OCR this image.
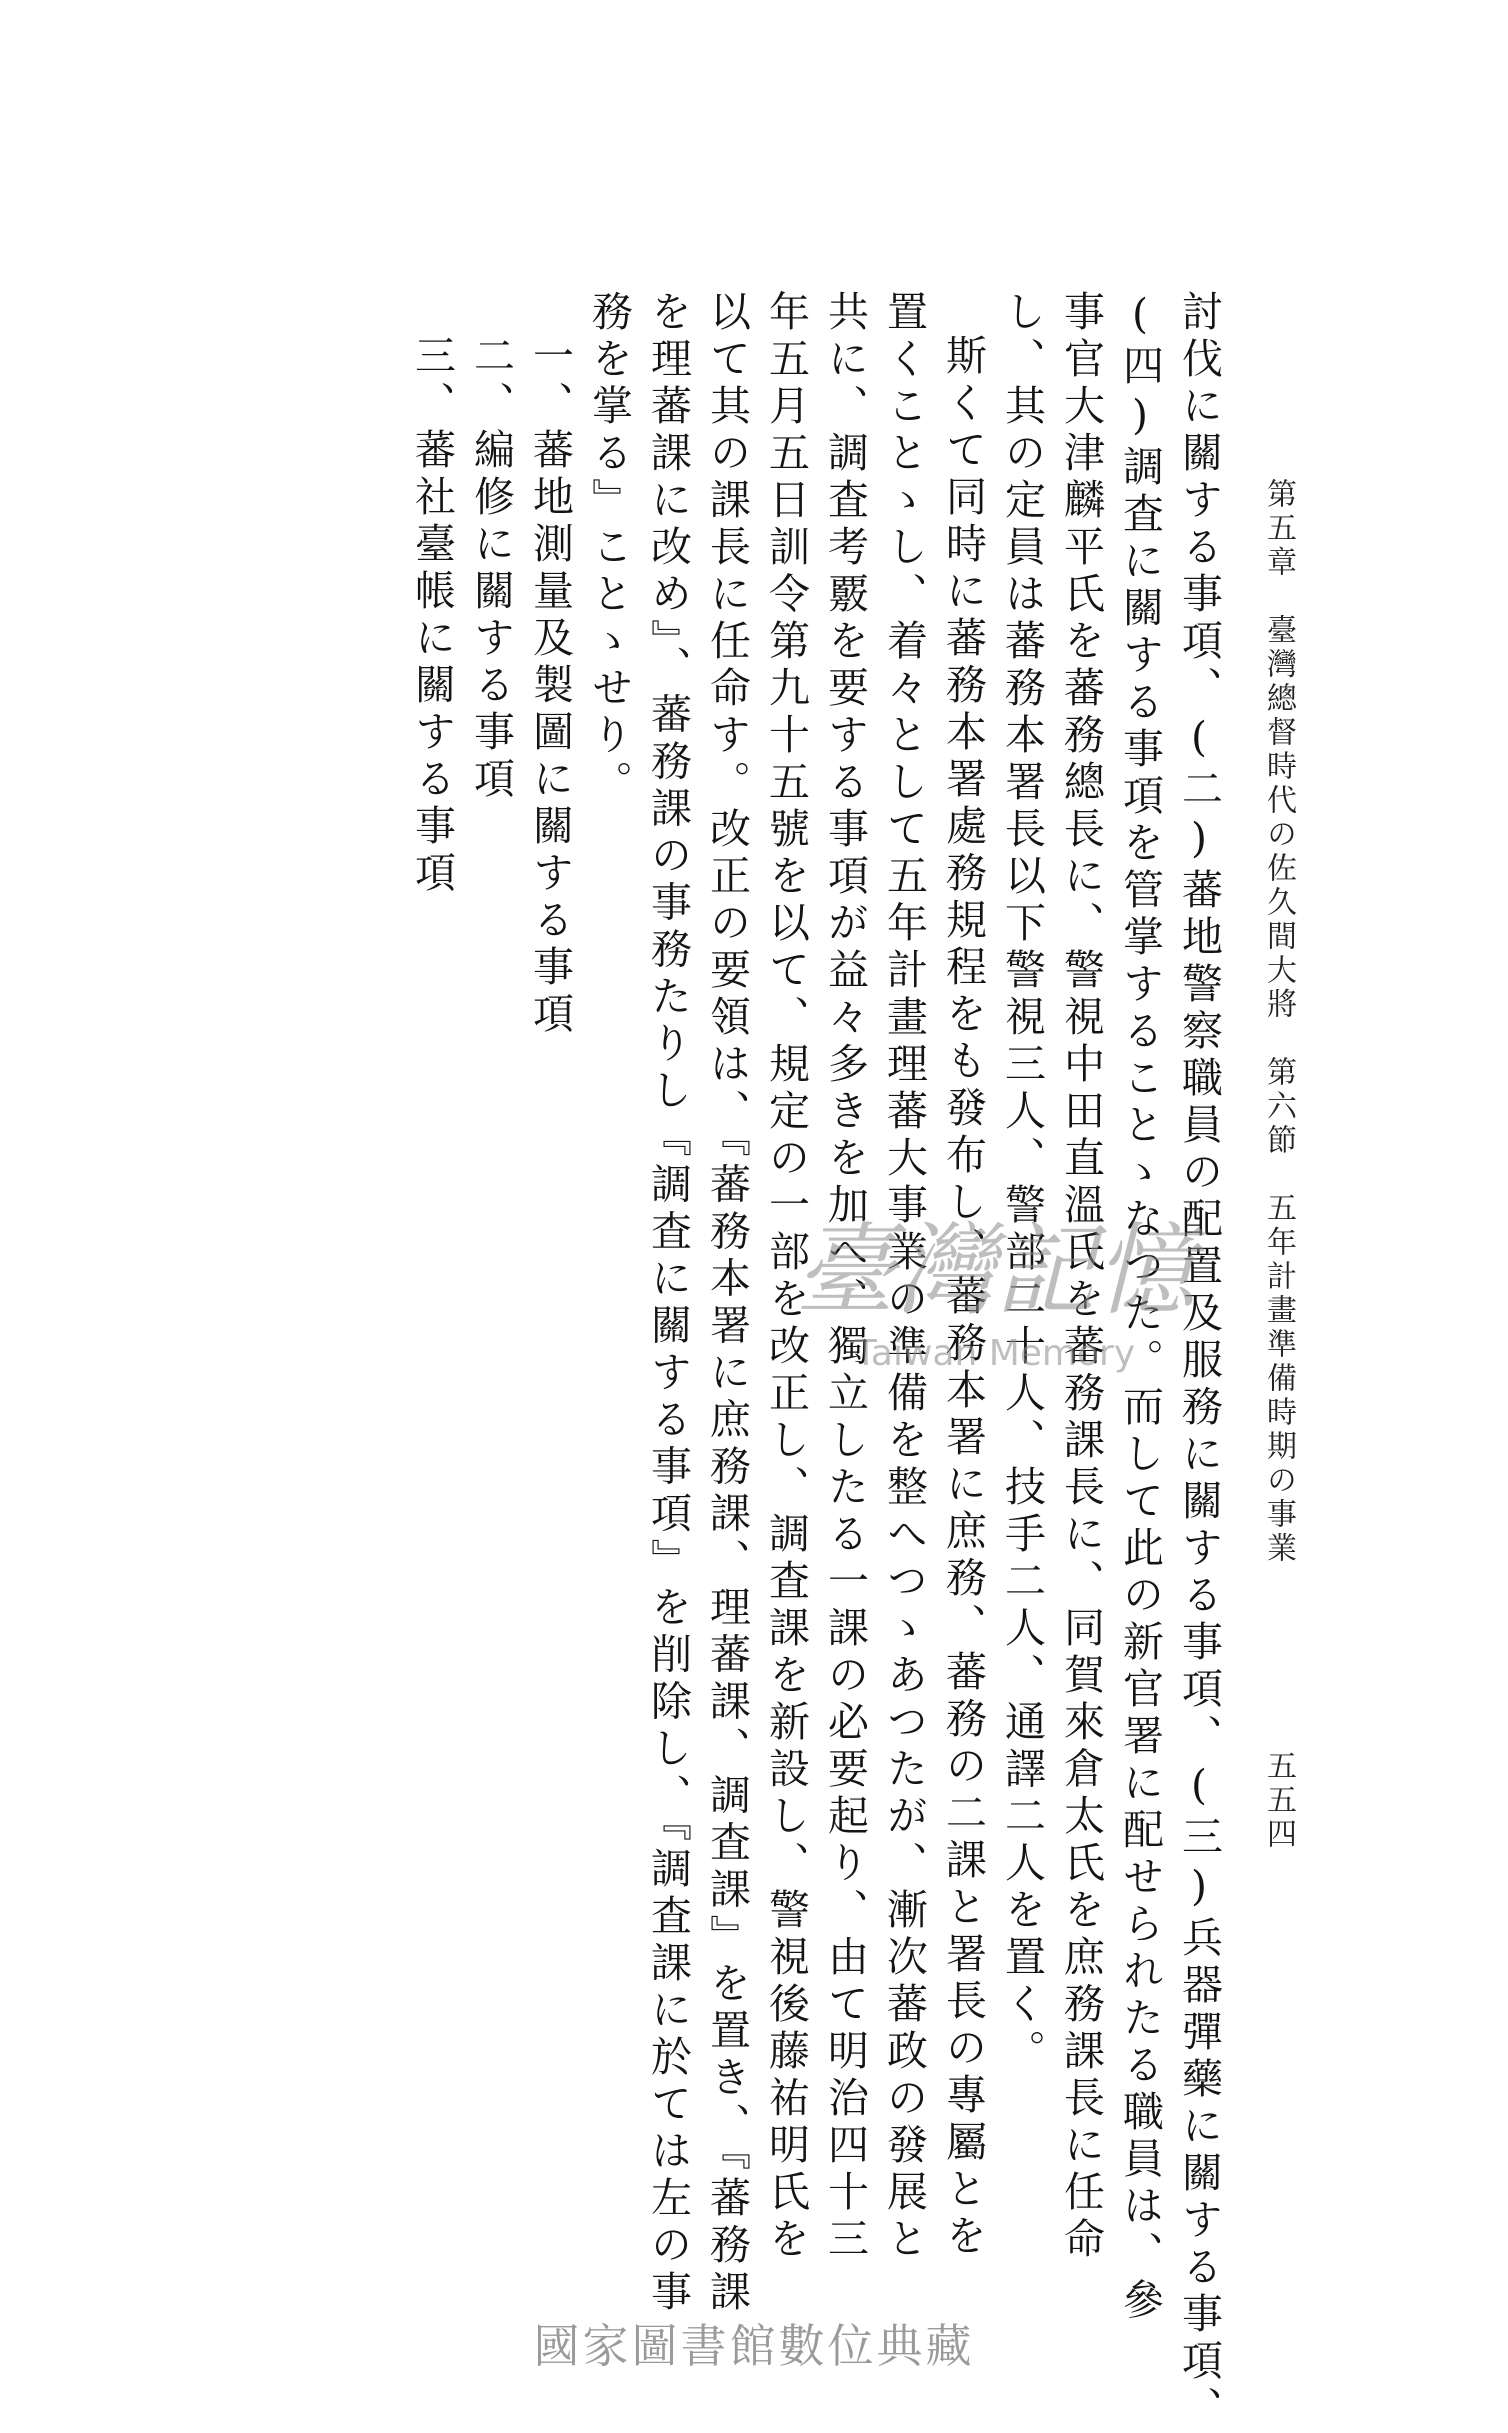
第五章　臺灣總督時代の佐久間大將　第六節　五年計畫準備時期の事業
五五四
討伐に關する事項、(二)蕃地警察職員の配置及服務に關する事項、(三)兵器彈藥に關する事項、
(四)調査に關する事項を管掌することゝなつた。而して此の新官署に配せられたる職員は、參
事官大津麟平氏を蕃務總長に、警視中田直溫氏を蕃務課長に、同賀來倉太氏を庶務課長に任命
し、其の定員は蕃務本署長以下警視三人、警部二十人、技手二人、通譯二人を置く。
斯くて同時に蕃務本署處務規程をも發布し、蕃務本署に庶務、蕃務の二課と署長の專屬とを
置くことゝし、着々として五年計畫理蕃大事業の準備を整へつゝあつたが、漸次蕃政の發展と
共に、調査考覈を要する事項が益々多きを加へ、獨立したる一課の必要起り、由て明治四十三
年五月五日訓令第九十五號を以て、規定の一部を改正し、調査課を新設し、警視後藤祐明氏を
以て其の課長に任命す。改正の要領は、『蕃務本署に庶務課、理蕃課、調査課』を置き、『蕃務課
を理蕃課に改め』、蕃務課の事務たりし『調査に關する事項』を削除し、『調査課に於ては左の事
務を掌る』ことゝせり。
一、蕃地測量及製圖に關する事項
二、編修に關する事項
三、蕃社臺帳に關する事項
臺灣記憶
Taiwan Memory
國家圖書館數位典藏
